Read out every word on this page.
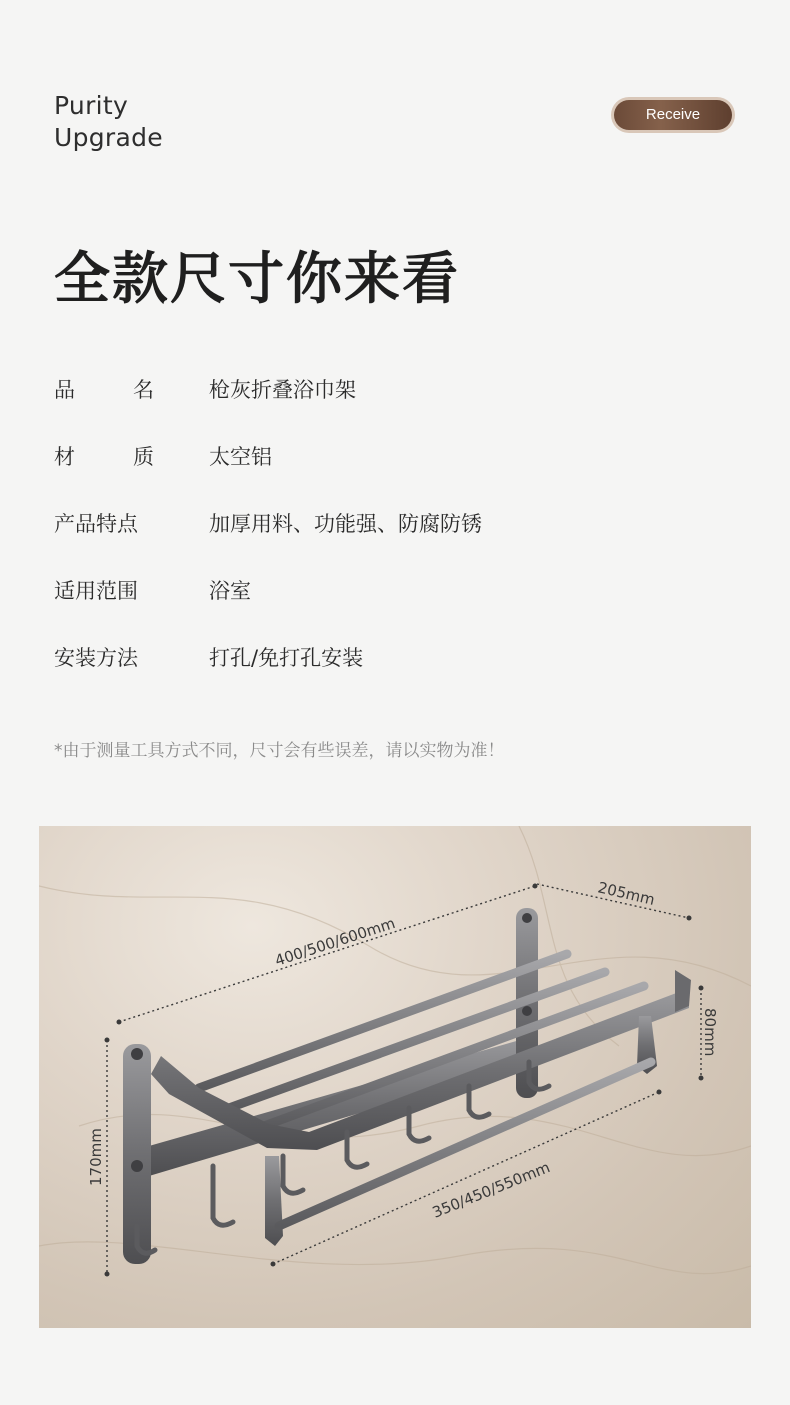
Purity
Upgrade
Receive
全款尺寸你来看
品	名	枪灰折叠浴巾架
材	质	太空铝
产品特点	加厚用料、功能强、防腐防锈
适用范围	浴室
安装方法	打孔/免打孔安装
*由于测量工具方式不同，尺寸会有些误差，请以实物为准！
400/500/600mm
205mm
80mm
170mm
350/450/550mm
